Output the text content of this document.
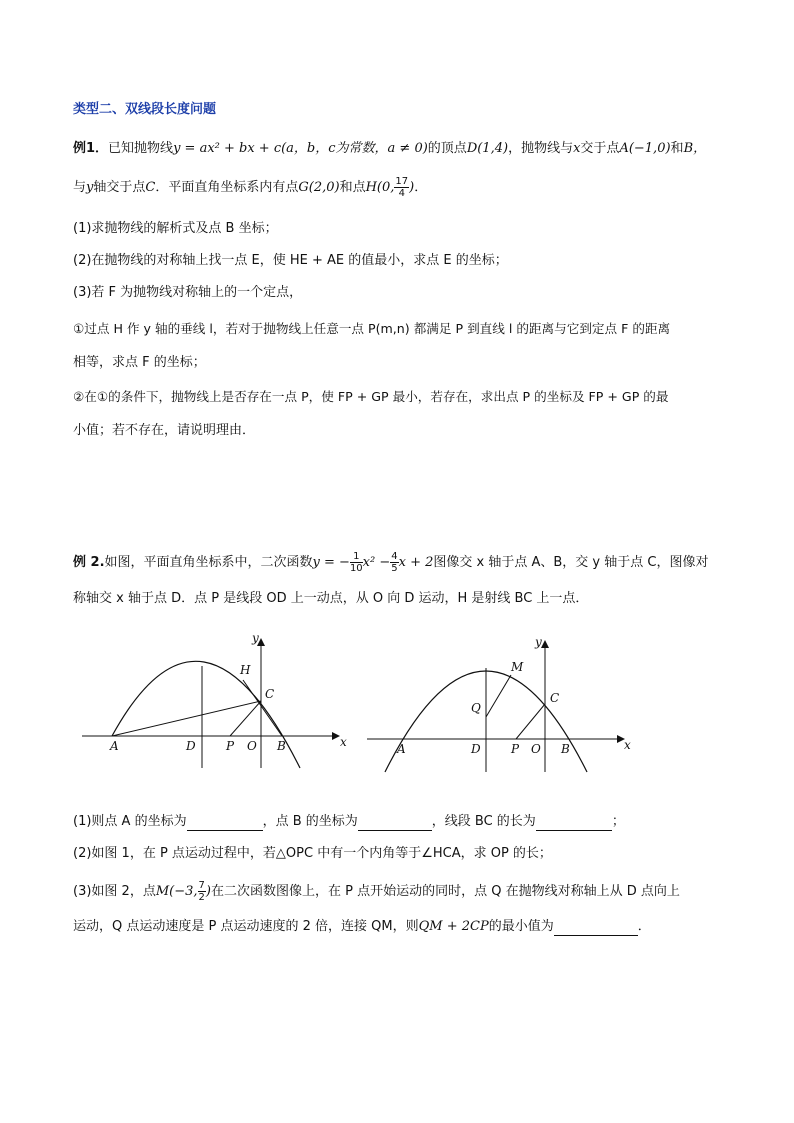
类型二、双线段长度问题
例1．已知抛物线y = ax² + bx + c(a，b，c为常数，a ≠ 0)的顶点D(1,4)，抛物线与x交于点A(−1,0)和B，
与y轴交于点C．平面直角坐标系内有点G(2,0)和点H(0, $\frac{17}{4}$ )．
(1)求抛物线的解析式及点 B 坐标；
(2)在抛物线的对称轴上找一点 E，使 HE + AE 的值最小，求点 E 的坐标；
(3)若 F 为抛物线对称轴上的一个定点，
①过点 H 作 y 轴的垂线 l，若对于抛物线上任意一点 P(m,n) 都满足 P 到直线 l 的距离与它到定点 F 的距离
相等，求点 F 的坐标；
②在①的条件下，抛物线上是否存在一点 P，使 FP + GP 最小，若存在，求出点 P 的坐标及 FP + GP 的最
小值；若不存在，请说明理由．
例 2.如图，平面直角坐标系中，二次函数y = − $\frac{1}{10} x^2 - \frac{4}{5}$ x + 2图像交 x 轴于点 A、B，交 y 轴于点 C，图像对
称轴交 x 轴于点 D．点 P 是线段 OD 上一动点，从 O 向 D 运动，H 是射线 BC 上一点．
y
x
H
C
A	D	P O B
y
x
M
Q
C
A	D	P O B
(1)则点 A 的坐标为	，点 B 的坐标为	，线段 BC 的长为	；
(2)如图 1，在 P 点运动过程中，若△OPC 中有一个内角等于∠HCA，求 OP 的长；
(3)如图 2，点M(−3, $\frac{7}{2}$ )在二次函数图像上，在 P 点开始运动的同时，点 Q 在抛物线对称轴上从 D 点向上
运动，Q 点运动速度是 P 点运动速度的 2 倍，连接 QM，则QM + 2CP的最小值为	．
